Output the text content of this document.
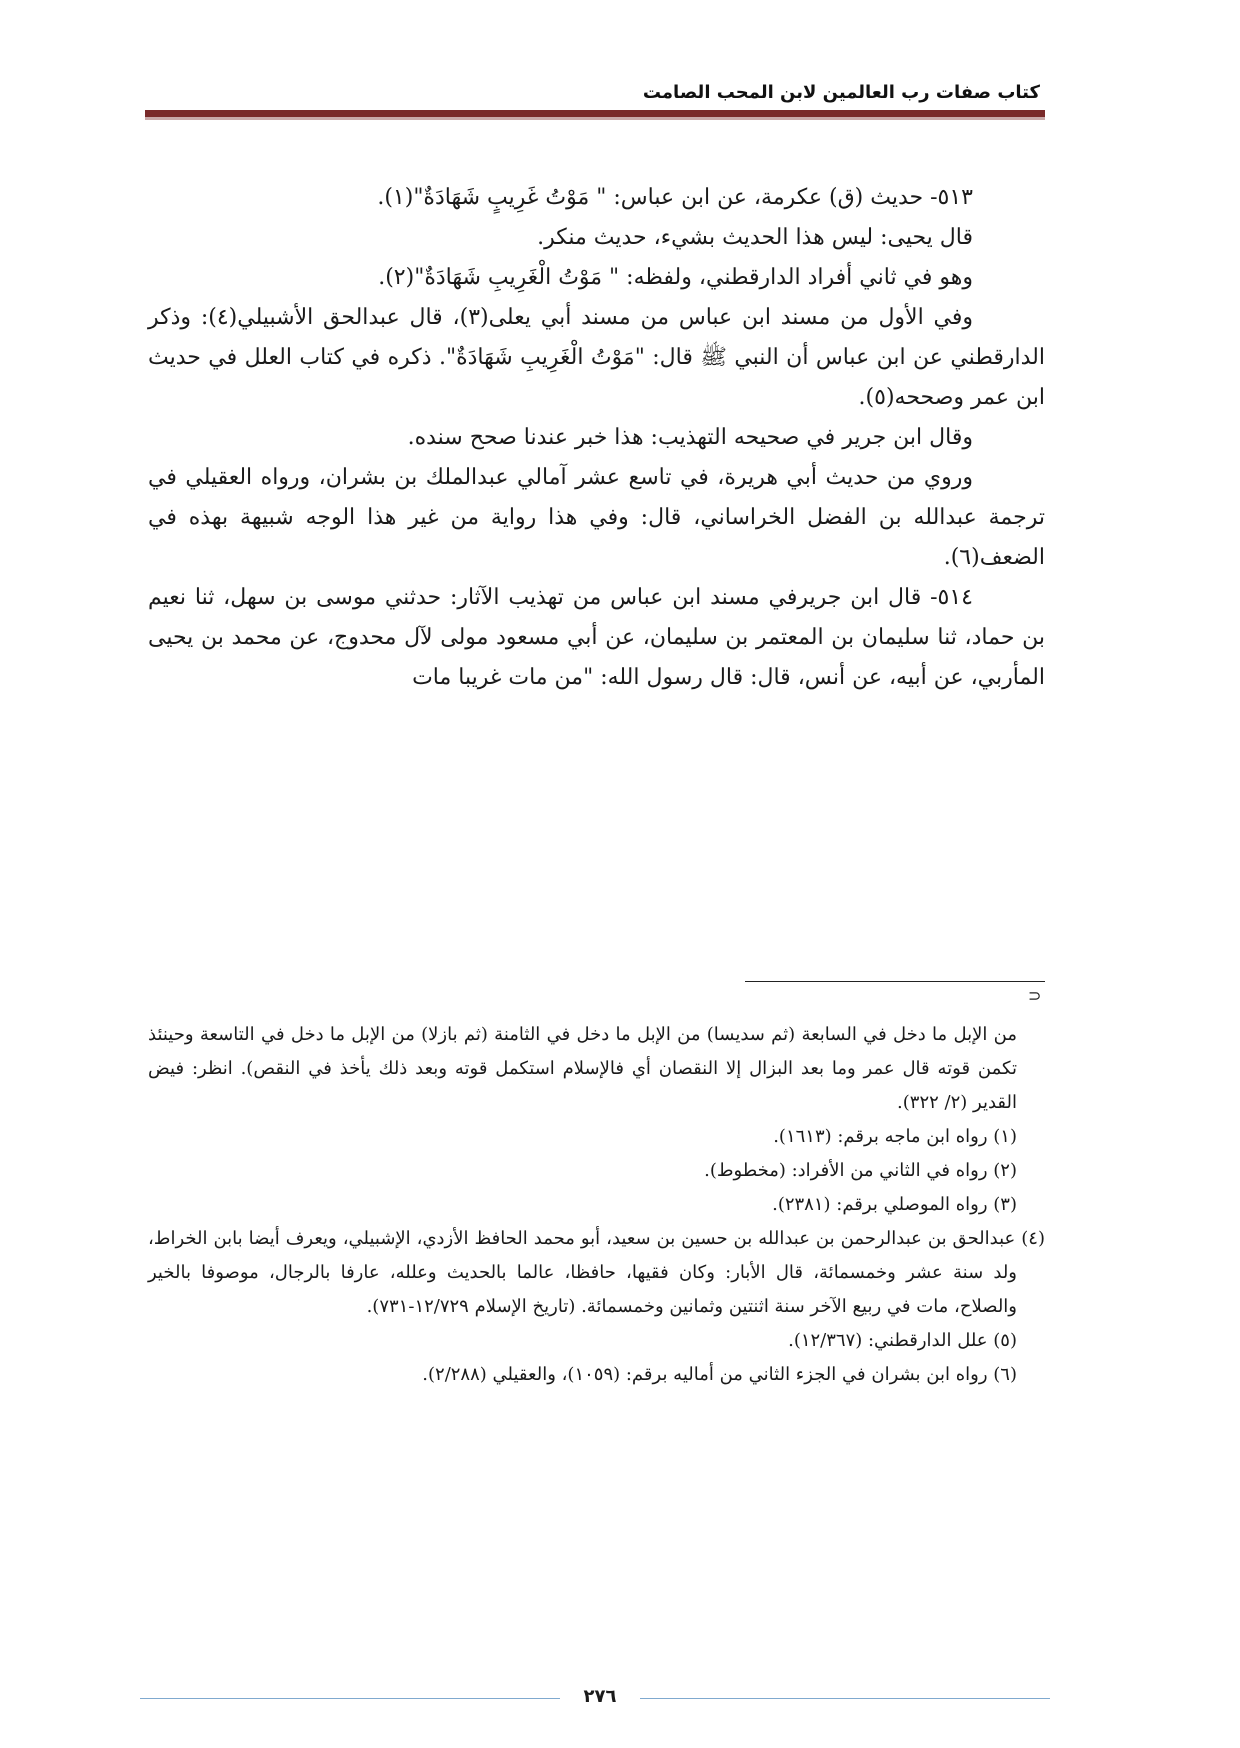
كتاب صفات رب العالمين لابن المحب الصامت

٥١٣- حديث (ق) عكرمة، عن ابن عباس: " مَوْتُ غَرِيبٍ شَهَادَةٌ"(١).

قال يحيى: ليس هذا الحديث بشيء، حديث منكر.

وهو في ثاني أفراد الدارقطني، ولفظه: " مَوْتُ الْغَرِيبِ شَهَادَةٌ"(٢).

وفي الأول من مسند ابن عباس من مسند أبي يعلى(٣)، قال عبدالحق الأشبيلي(٤): وذكر الدارقطني عن ابن عباس أن النبي ﷺ قال: "مَوْتُ الْغَرِيبِ شَهَادَةٌ". ذكره في كتاب العلل في حديث ابن عمر وصححه(٥).

وقال ابن جرير في صحيحه التهذيب: هذا خبر عندنا صحح سنده.

وروي من حديث أبي هريرة، في تاسع عشر آمالي عبدالملك بن بشران، ورواه العقيلي في ترجمة عبدالله بن الفضل الخراساني، قال: وفي هذا رواية من غير هذا الوجه شبيهة بهذه في الضعف(٦).

٥١٤- قال ابن جريرفي مسند ابن عباس من تهذيب الآثار: حدثني موسى بن سهل، ثنا نعيم بن حماد، ثنا سليمان بن المعتمر بن سليمان، عن أبي مسعود مولى لآل محدوج، عن محمد بن يحيى المأربي، عن أبيه، عن أنس، قال: قال رسول الله: "من مات غريبا مات

⊃

من الإبل ما دخل في السابعة (ثم سديسا) من الإبل ما دخل في الثامنة (ثم بازلا) من الإبل ما دخل في التاسعة وحينئذ تكمن قوته قال عمر وما بعد البزال إلا النقصان أي فالإسلام استكمل قوته وبعد ذلك يأخذ في النقص). انظر: فيض القدير (٢/ ٣٢٢).

(١) رواه ابن ماجه برقم: (١٦١٣).

(٢) رواه في الثاني من الأفراد: (مخطوط).

(٣) رواه الموصلي برقم: (٢٣٨١).

(٤) عبدالحق بن عبدالرحمن بن عبدالله بن حسين بن سعيد، أبو محمد الحافظ الأزدي، الإشبيلي، ويعرف أيضا بابن الخراط، ولد سنة عشر وخمسمائة، قال الأبار: وكان فقيها، حافظا، عالما بالحديث وعلله، عارفا بالرجال، موصوفا بالخير والصلاح، مات في ربيع الآخر سنة اثنتين وثمانين وخمسمائة. (تاريخ الإسلام ١٢/٧٢٩-٧٣١).

(٥) علل الدارقطني: (١٢/٣٦٧).

(٦) رواه ابن بشران في الجزء الثاني من أماليه برقم: (١٠٥٩)، والعقيلي (٢/٢٨٨).

٢٧٦
